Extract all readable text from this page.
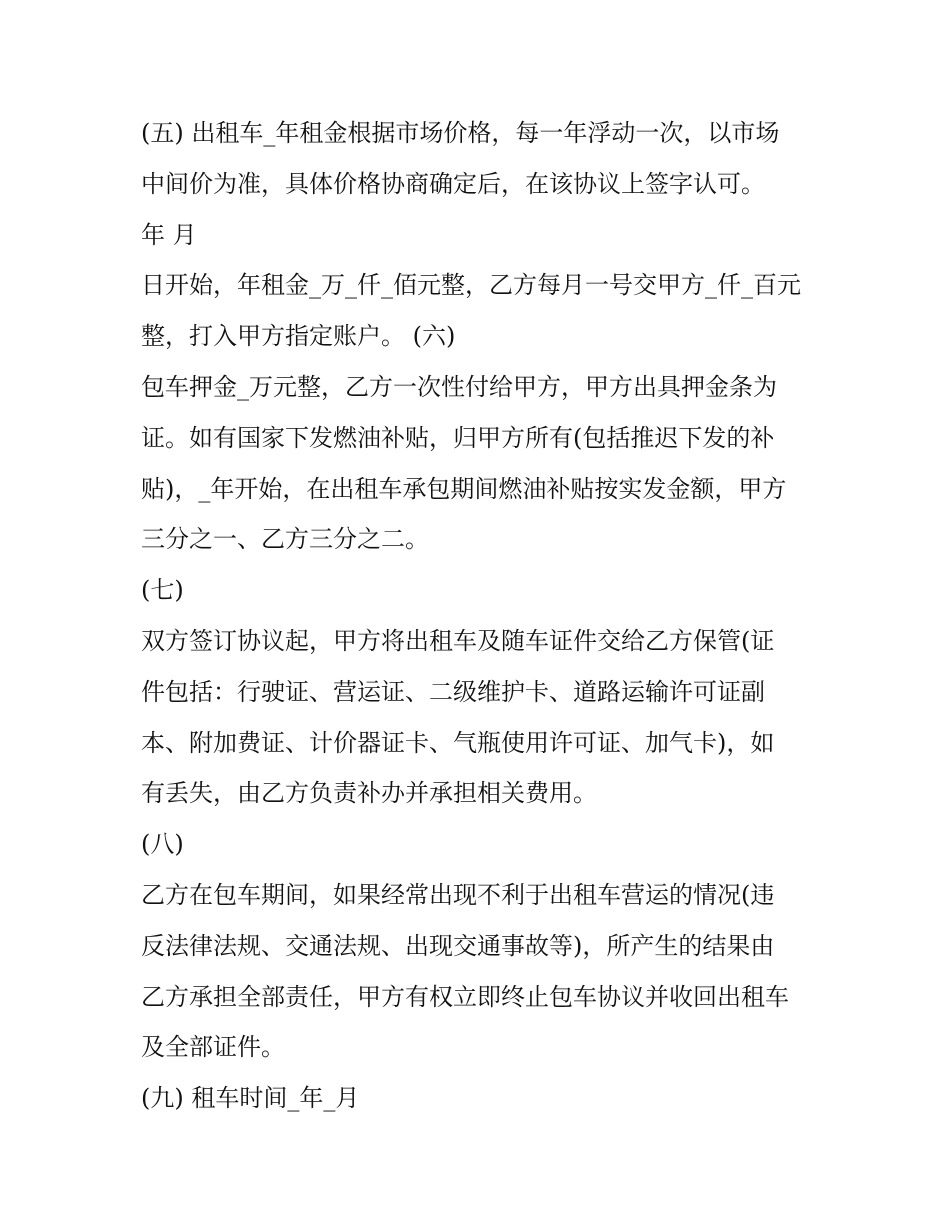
(五) 出租车_年租金根据市场价格，每一年浮动一次，以市场
中间价为准，具体价格协商确定后，在该协议上签字认可。
年 月
日开始，年租金_万_仟_佰元整，乙方每月一号交甲方_仟_百元
整，打入甲方指定账户。 (六)
包车押金_万元整，乙方一次性付给甲方，甲方出具押金条为
证。如有国家下发燃油补贴，归甲方所有(包括推迟下发的补
贴)，_年开始，在出租车承包期间燃油补贴按实发金额，甲方
三分之一、乙方三分之二。
(七)
双方签订协议起，甲方将出租车及随车证件交给乙方保管(证
件包括：行驶证、营运证、二级维护卡、道路运输许可证副
本、附加费证、计价器证卡、气瓶使用许可证、加气卡)，如
有丢失，由乙方负责补办并承担相关费用。
(八)
乙方在包车期间，如果经常出现不利于出租车营运的情况(违
反法律法规、交通法规、出现交通事故等)，所产生的结果由
乙方承担全部责任，甲方有权立即终止包车协议并收回出租车
及全部证件。
(九) 租车时间_年_月
